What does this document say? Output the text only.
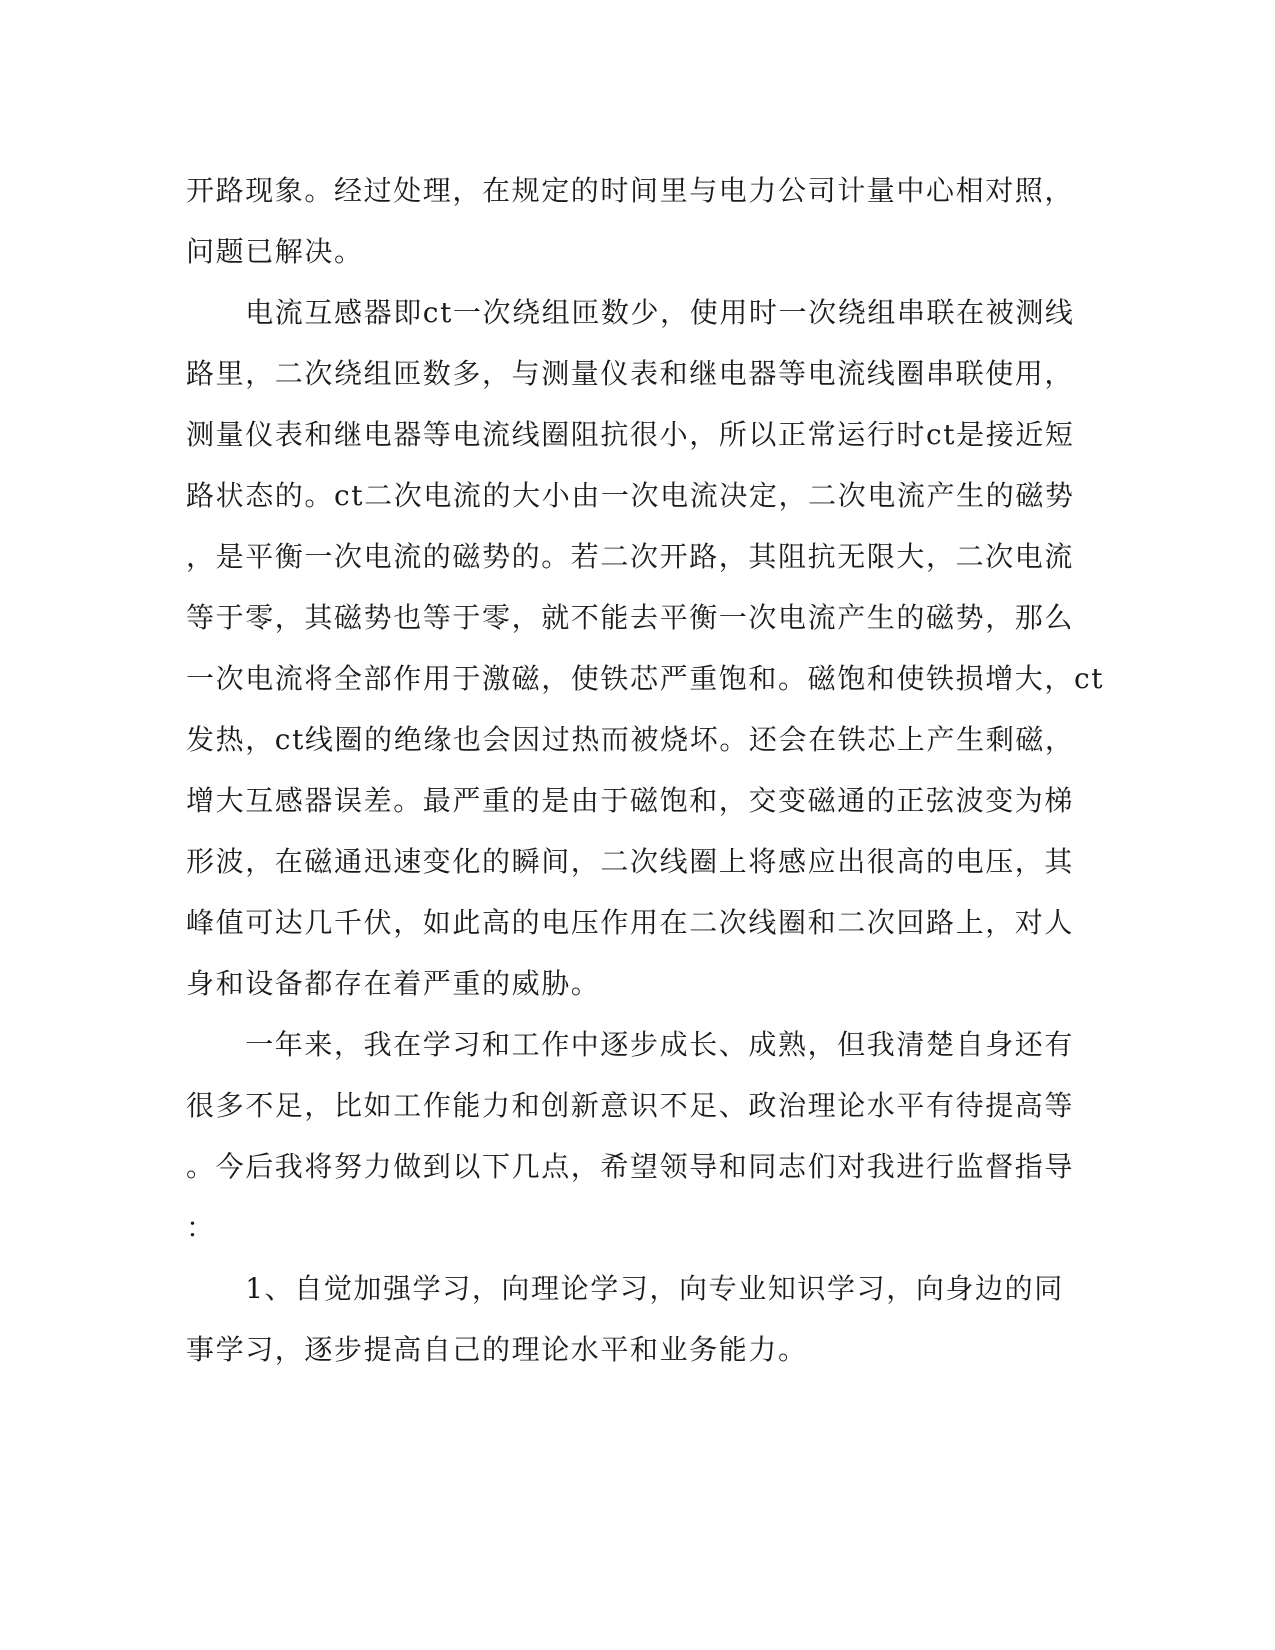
开路现象。经过处理，在规定的时间里与电力公司计量中心相对照，
问题已解决。
　　电流互感器即ct一次绕组匝数少，使用时一次绕组串联在被测线
路里，二次绕组匝数多，与测量仪表和继电器等电流线圈串联使用，
测量仪表和继电器等电流线圈阻抗很小，所以正常运行时ct是接近短
路状态的。ct二次电流的大小由一次电流决定，二次电流产生的磁势
，是平衡一次电流的磁势的。若二次开路，其阻抗无限大，二次电流
等于零，其磁势也等于零，就不能去平衡一次电流产生的磁势，那么
一次电流将全部作用于激磁，使铁芯严重饱和。磁饱和使铁损增大，ct
发热，ct线圈的绝缘也会因过热而被烧坏。还会在铁芯上产生剩磁，
增大互感器误差。最严重的是由于磁饱和，交变磁通的正弦波变为梯
形波，在磁通迅速变化的瞬间，二次线圈上将感应出很高的电压，其
峰值可达几千伏，如此高的电压作用在二次线圈和二次回路上，对人
身和设备都存在着严重的威胁。
　　一年来，我在学习和工作中逐步成长、成熟，但我清楚自身还有
很多不足，比如工作能力和创新意识不足、政治理论水平有待提高等
。今后我将努力做到以下几点，希望领导和同志们对我进行监督指导
：
　　1、自觉加强学习，向理论学习，向专业知识学习，向身边的同
事学习，逐步提高自己的理论水平和业务能力。
